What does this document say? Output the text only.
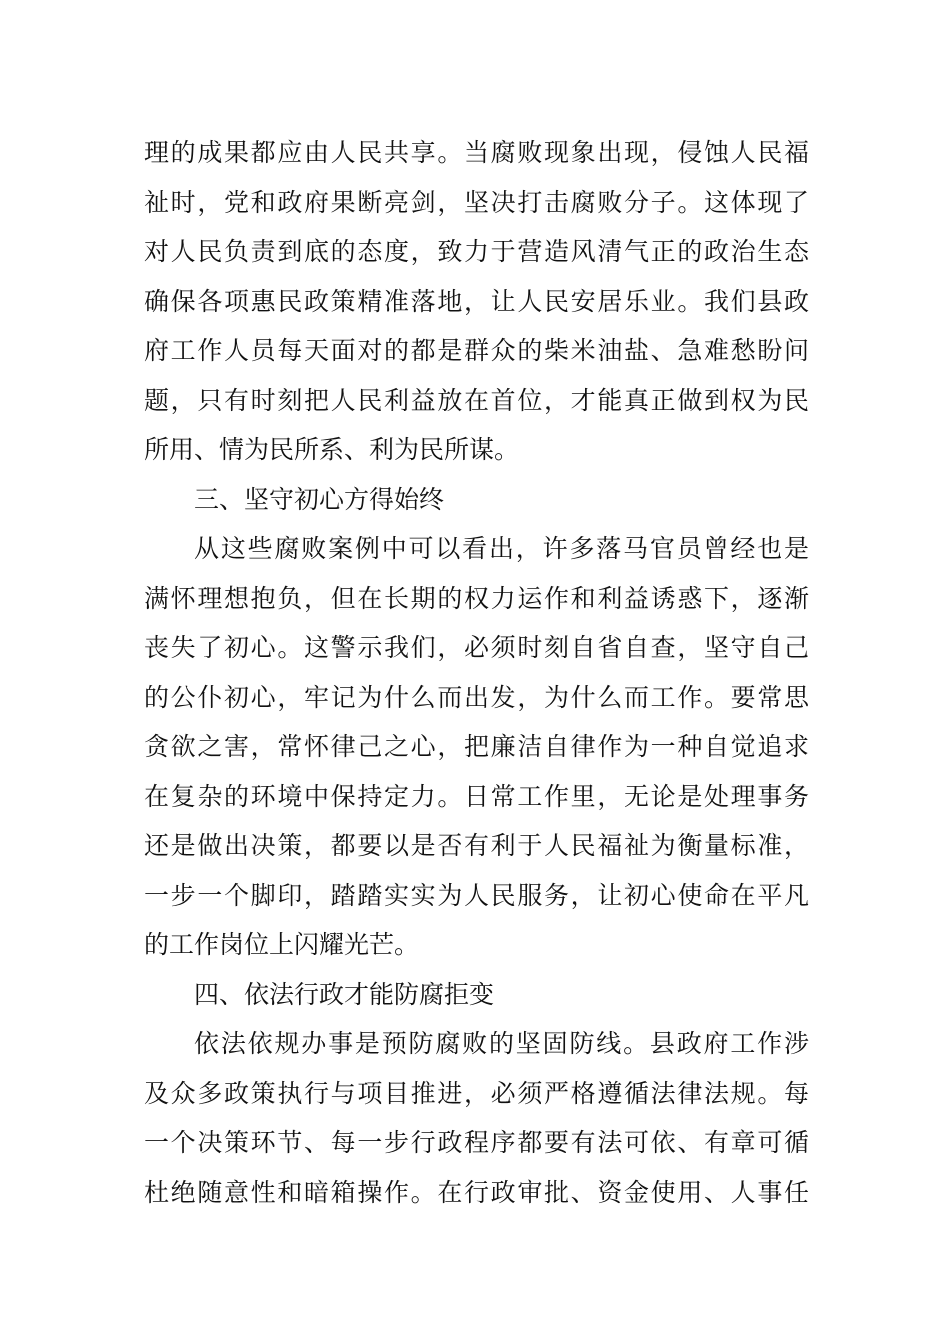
理的成果都应由人民共享。当腐败现象出现，侵蚀人民福
祉时，党和政府果断亮剑，坚决打击腐败分子。这体现了
对人民负责到底的态度，致力于营造风清气正的政治生态
确保各项惠民政策精准落地，让人民安居乐业。我们县政
府工作人员每天面对的都是群众的柴米油盐、急难愁盼问
题，只有时刻把人民利益放在首位，才能真正做到权为民
所用、情为民所系、利为民所谋。
三、坚守初心方得始终
从这些腐败案例中可以看出，许多落马官员曾经也是
满怀理想抱负，但在长期的权力运作和利益诱惑下，逐渐
丧失了初心。这警示我们，必须时刻自省自查，坚守自己
的公仆初心，牢记为什么而出发，为什么而工作。要常思
贪欲之害，常怀律己之心，把廉洁自律作为一种自觉追求
在复杂的环境中保持定力。日常工作里，无论是处理事务
还是做出决策，都要以是否有利于人民福祉为衡量标准，
一步一个脚印，踏踏实实为人民服务，让初心使命在平凡
的工作岗位上闪耀光芒。
四、依法行政才能防腐拒变
依法依规办事是预防腐败的坚固防线。县政府工作涉
及众多政策执行与项目推进，必须严格遵循法律法规。每
一个决策环节、每一步行政程序都要有法可依、有章可循
杜绝随意性和暗箱操作。在行政审批、资金使用、人事任
